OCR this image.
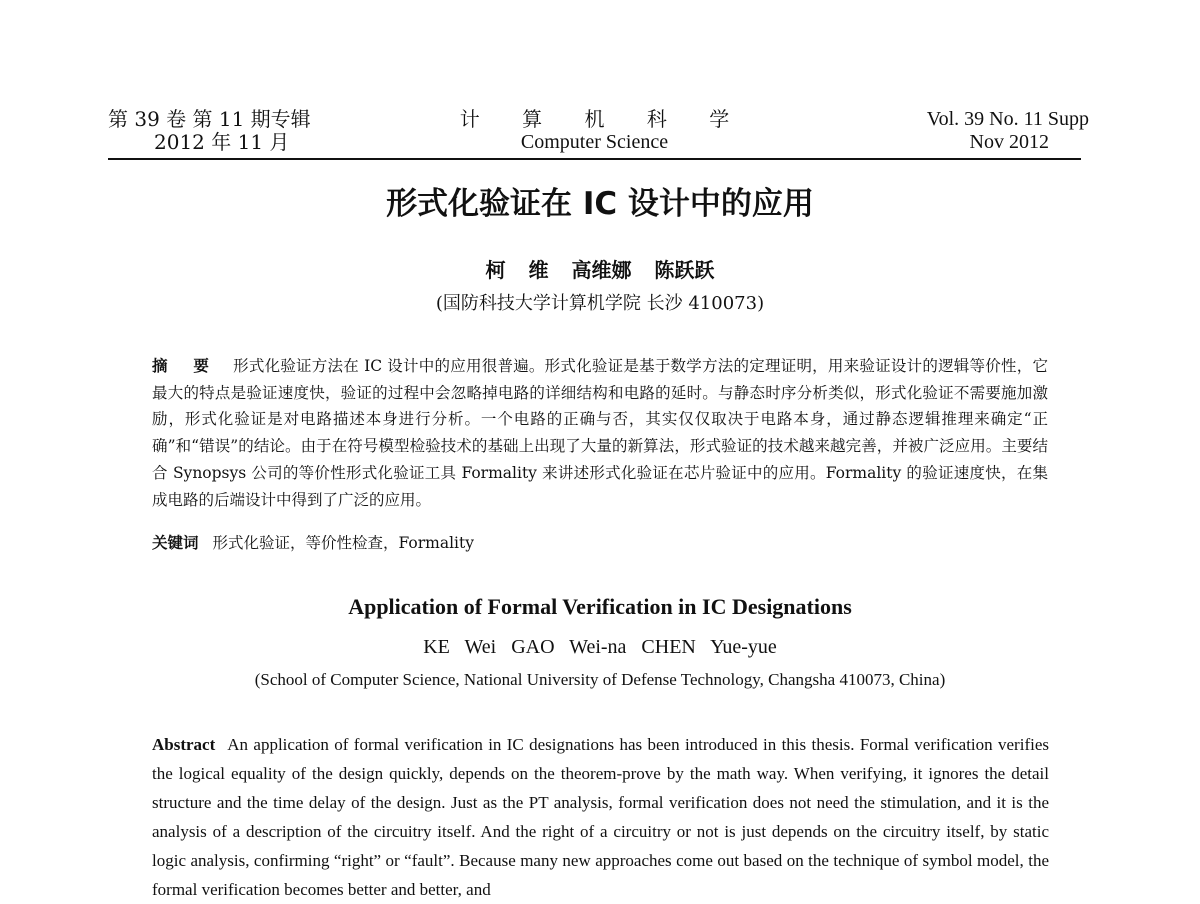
第 39 卷 第 11 期专辑
2012 年 11 月
计 算 机 科 学
Computer Science
Vol. 39 No. 11 Supp
Nov 2012
形式化验证在 IC 设计中的应用
柯 维 高维娜 陈跃跃
(国防科技大学计算机学院 长沙 410073)
摘 要 形式化验证方法在 IC 设计中的应用很普遍。形式化验证是基于数学方法的定理证明，用来验证设计的逻辑等价性，它最大的特点是验证速度快，验证的过程中会忽略掉电路的详细结构和电路的延时。与静态时序分析类似，形式化验证不需要施加激励，形式化验证是对电路描述本身进行分析。一个电路的正确与否，其实仅仅取决于电路本身，通过静态逻辑推理来确定“正确”和“错误”的结论。由于在符号模型检验技术的基础上出现了大量的新算法，形式验证的技术越来越完善，并被广泛应用。主要结合 Synopsys 公司的等价性形式化验证工具 Formality 来讲述形式化验证在芯片验证中的应用。Formality 的验证速度快，在集成电路的后端设计中得到了广泛的应用。
关键词 形式化验证，等价性检查，Formality
Application of Formal Verification in IC Designations
KE Wei GAO Wei-na CHEN Yue-yue
(School of Computer Science, National University of Defense Technology, Changsha 410073, China)
Abstract An application of formal verification in IC designations has been introduced in this thesis. Formal verification verifies the logical equality of the design quickly, depends on the theorem-prove by the math way. When verifying, it ignores the detail structure and the time delay of the design. Just as the PT analysis, formal verification does not need the stimulation, and it is the analysis of a description of the circuitry itself. And the right of a circuitry or not is just depends on the circuitry itself, by static logic analysis, confirming “right” or “fault”. Because many new approaches come out based on the technique of symbol model, the formal verification becomes better and better, and
